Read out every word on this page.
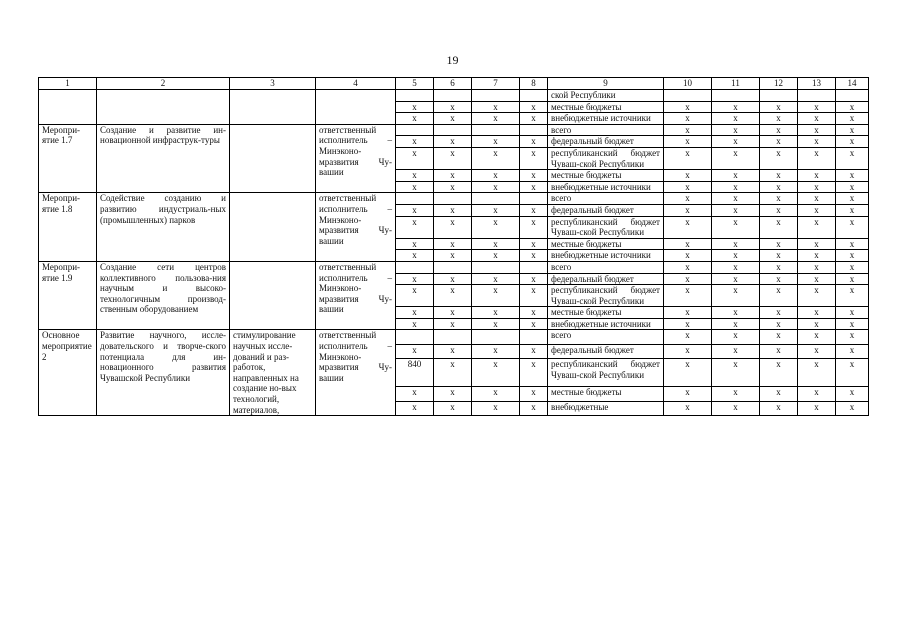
19
1	2	3	4	5	6	7	8	9	10	11	12	13	14
								ской Республики					
				x	x	x	x	местные бюджеты	x	x	x	x	x
				x	x	x	x	внебюджетные источники	x	x	x	x	x
Меропри-ятие 1.7	Создание и развитие ин-новационной инфраструк-туры		ответственный исполнитель – Минэконо-мразвития Чу-вашии					всего	x	x	x	x	x
				x	x	x	x	федеральный бюджет	x	x	x	x	x
				x	x	x	x	республиканский бюджет Чуваш-ской Республики	x	x	x	x	x
				x	x	x	x	местные бюджеты	x	x	x	x	x
				x	x	x	x	внебюджетные источники	x	x	x	x	x
Меропри-ятие 1.8	Содействие созданию и развитию индустриаль-ных (промышленных) парков		ответственный исполнитель – Минэконо-мразвития Чу-вашии					всего	x	x	x	x	x
				x	x	x	x	федеральный бюджет	x	x	x	x	x
				x	x	x	x	республиканский бюджет Чуваш-ской Республики	x	x	x	x	x
				x	x	x	x	местные бюджеты	x	x	x	x	x
				x	x	x	x	внебюджетные источники	x	x	x	x	x
Меропри-ятие 1.9	Создание сети центров коллективного пользова-ния научным и высоко-технологичным производ-ственным оборудованием		ответственный исполнитель – Минэконо-мразвития Чу-вашии					всего	x	x	x	x	x
				x	x	x	x	федеральный бюджет	x	x	x	x	x
				x	x	x	x	республиканский бюджет Чуваш-ской Республики	x	x	x	x	x
				x	x	x	x	местные бюджеты	x	x	x	x	x
				x	x	x	x	внебюджетные источники	x	x	x	x	x
Основное мероприятие 2	Развитие научного, иссле-довательского и творче-ского потенциала для ин-новационного развития Чувашской Республики	стимулирование научных иссле-дований и раз-работок, направленных на создание но-вых технологий, материалов,	ответственный исполнитель – Минэконо-мразвития Чу-вашии					всего	x	x	x	x	x
				x	x	x	x	федеральный бюджет	x	x	x	x	x
				840	x	x	x	республиканский бюджет Чуваш-ской Республики	x	x	x	x	x
				x	x	x	x	местные бюджеты	x	x	x	x	x
				x	x	x	x	внебюджетные	x	x	x	x	x
